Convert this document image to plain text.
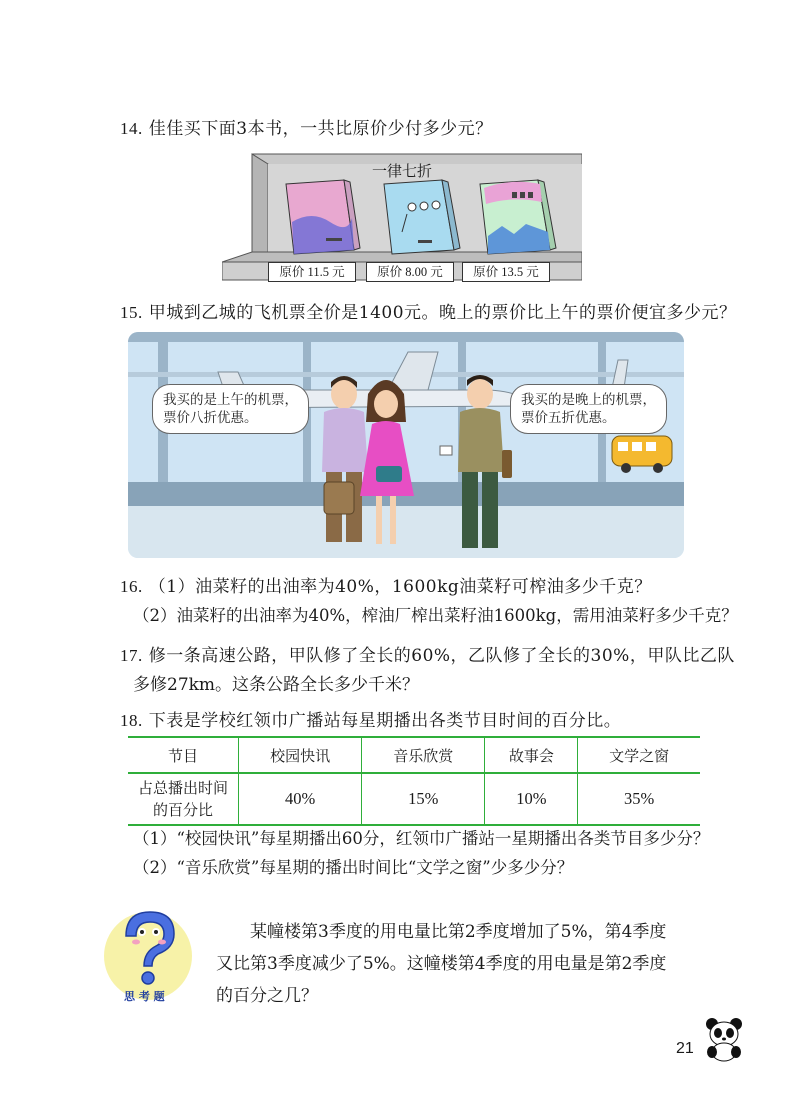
14. 佳佳买下面3本书，一共比原价少付多少元？
一律七折
原价 11.5 元	原价 8.00 元	原价 13.5 元
15. 甲城到乙城的飞机票全价是1400元。晚上的票价比上午的票价便宜多少元？
我买的是上午的机票，
票价八折优惠。
我买的是晚上的机票，
票价五折优惠。
16. （1）油菜籽的出油率为40%，1600kg油菜籽可榨油多少千克？
（2）油菜籽的出油率为40%，榨油厂榨出菜籽油1600kg，需用油菜籽多少千克？
17. 修一条高速公路，甲队修了全长的60%，乙队修了全长的30%，甲队比乙队
多修27km。这条公路全长多少千米？
18. 下表是学校红领巾广播站每星期播出各类节目时间的百分比。
节目	校园快讯	音乐欣赏	故事会	文学之窗

占总播出时间
的百分比	40%	15%	10%	35%
（1）“校园快讯”每星期播出60分，红领巾广播站一星期播出各类节目多少分？
（2）“音乐欣赏”每星期的播出时间比“文学之窗”少多少分？
思 考 题
某幢楼第3季度的用电量比第2季度增加了5%，第4季度
又比第3季度减少了5%。这幢楼第4季度的用电量是第2季度
的百分之几？
21
